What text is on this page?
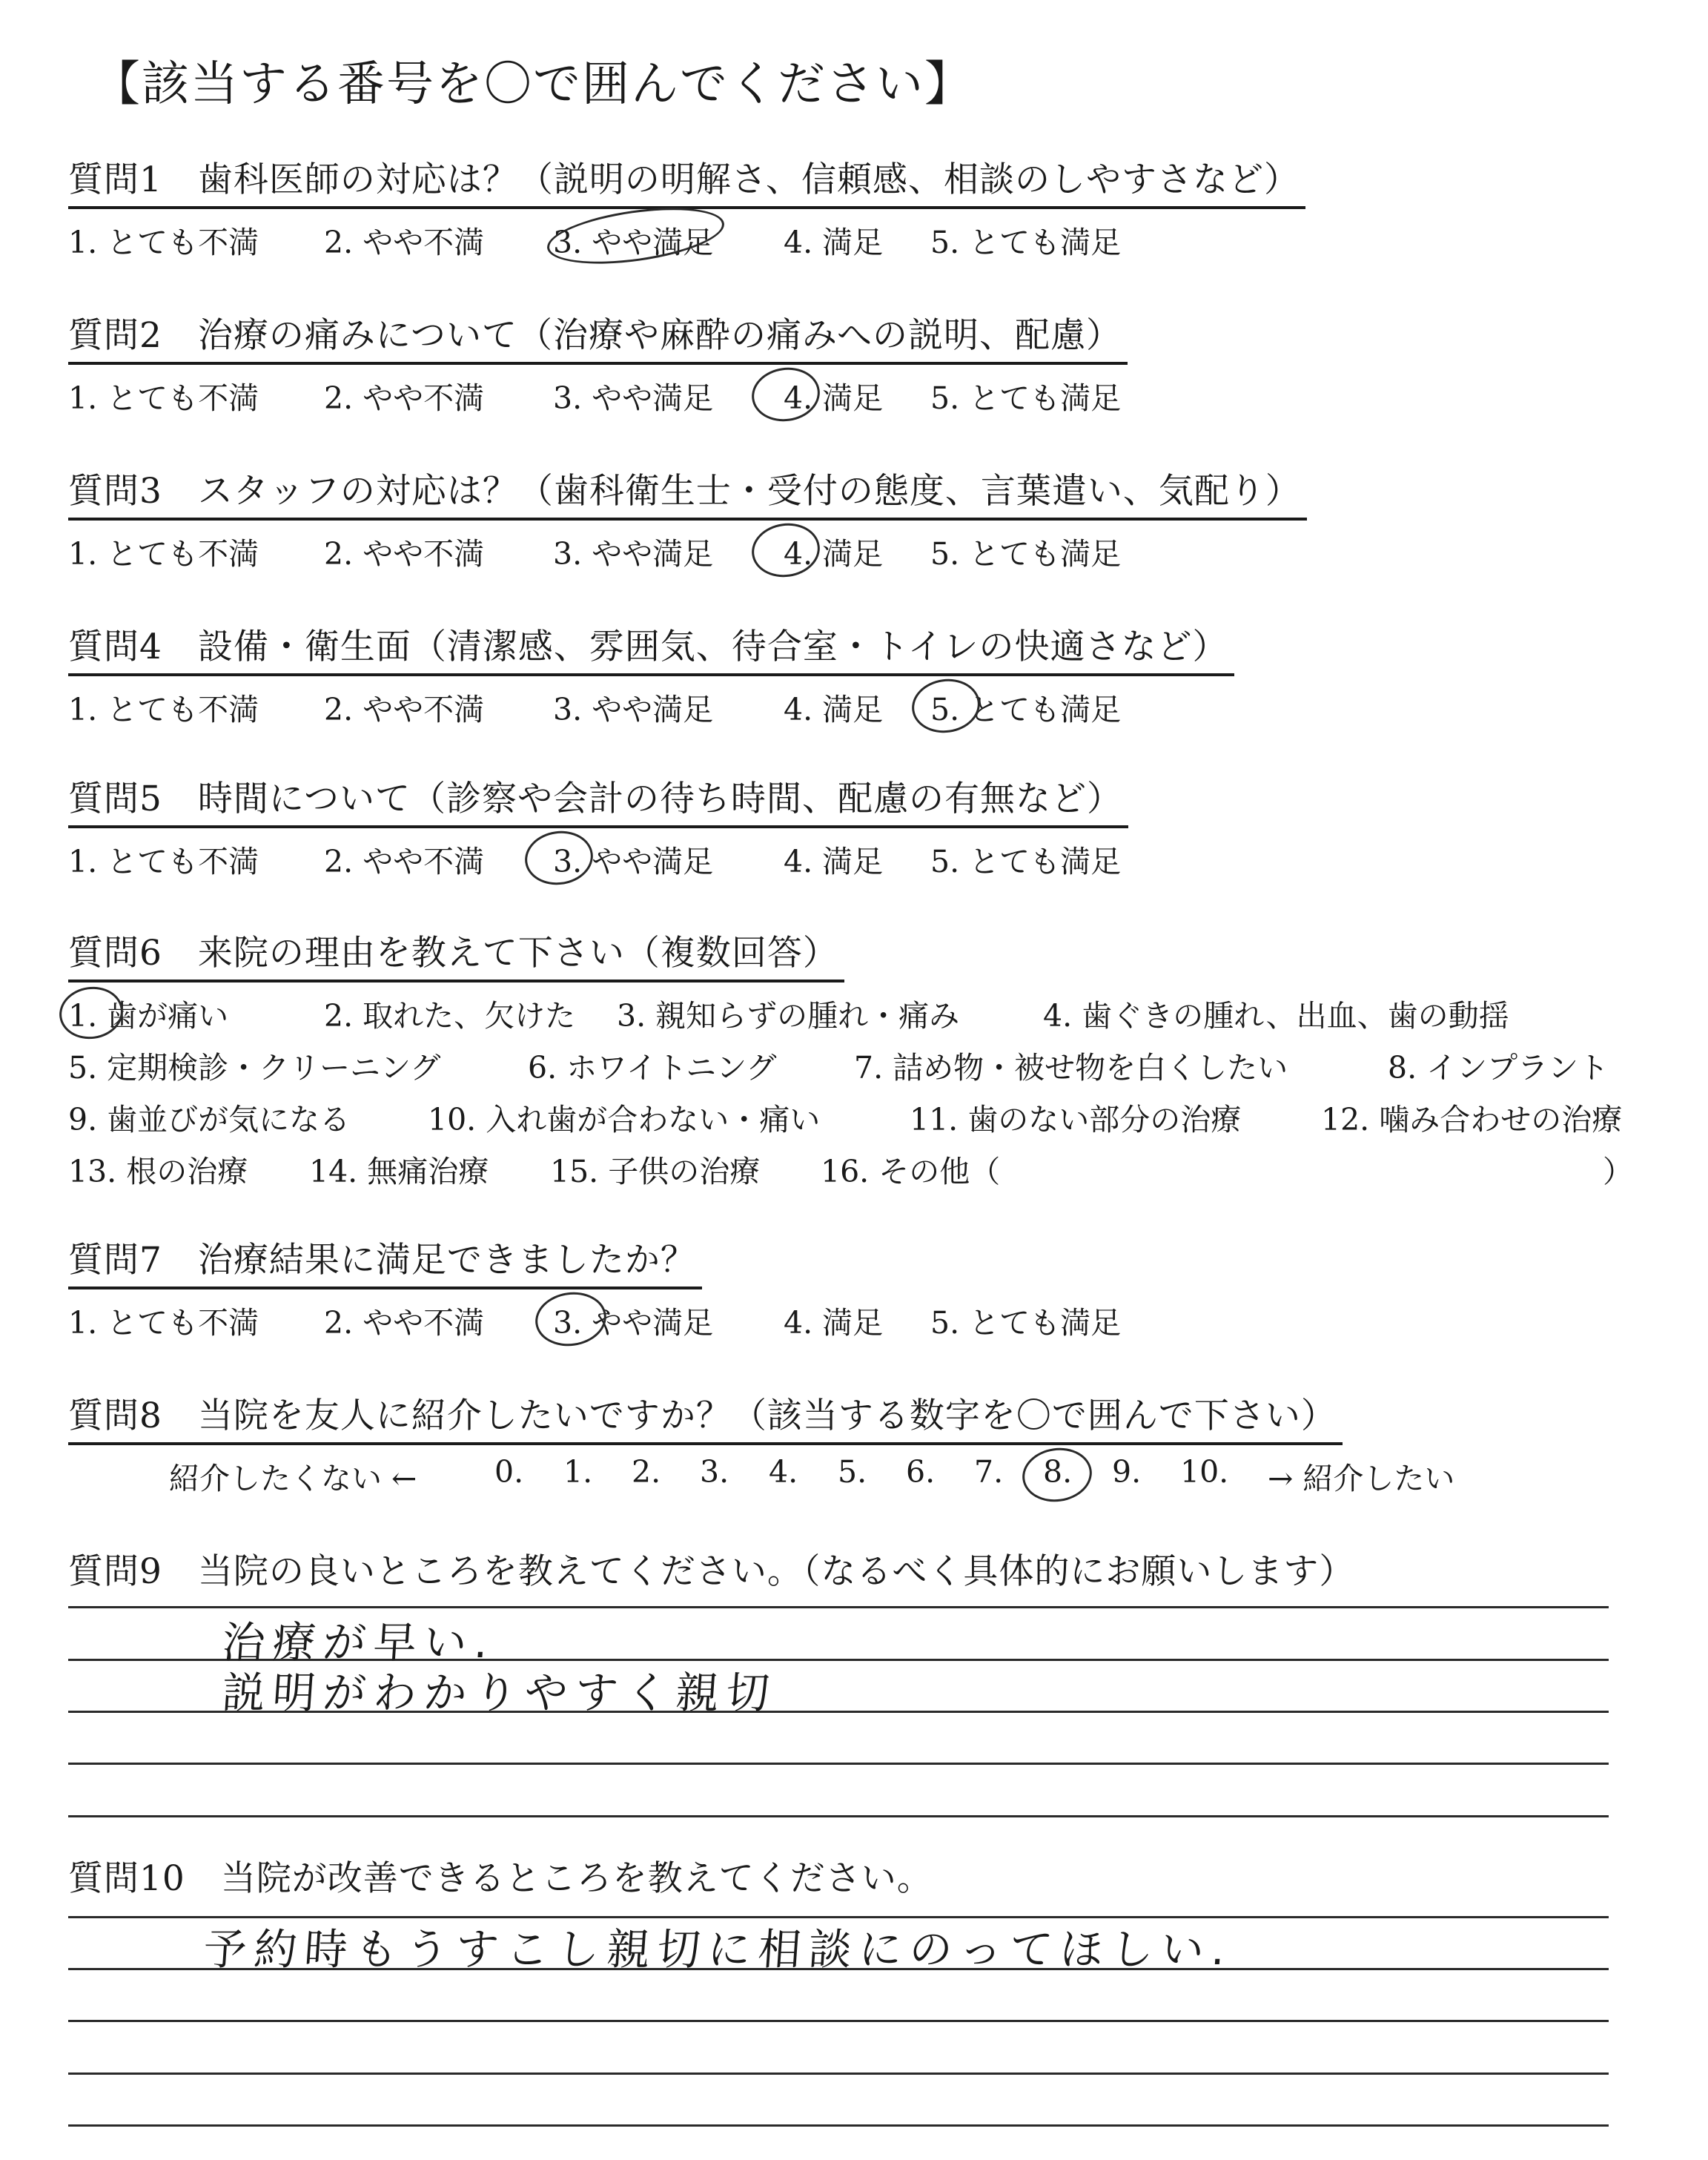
【該当する番号を〇で囲んでください】
質問1 歯科医師の対応は？（説明の明解さ、信頼感、相談のしやすさなど）
1. とても不満 2. やや不満 3. やや満足 4. 満足 5. とても満足
質問2 治療の痛みについて（治療や麻酔の痛みへの説明、配慮）
1. とても不満 2. やや不満 3. やや満足 4. 満足 5. とても満足
質問3 スタッフの対応は？（歯科衛生士・受付の態度、言葉遣い、気配り）
1. とても不満 2. やや不満 3. やや満足 4. 満足 5. とても満足
質問4 設備・衛生面（清潔感、雰囲気、待合室・トイレの快適さなど）
1. とても不満 2. やや不満 3. やや満足 4. 満足 5. とても満足
質問5 時間について（診察や会計の待ち時間、配慮の有無など）
1. とても不満 2. やや不満 3. やや満足 4. 満足 5. とても満足
質問6 来院の理由を教えて下さい（複数回答）
1. 歯が痛い	2. 取れた、欠けた 3. 親知らずの腫れ・痛み	4. 歯ぐきの腫れ、出血、歯の動揺
5. 定期検診・クリーニング	6. ホワイトニング	7. 詰め物・被せ物を白くしたい	8. インプラント
9. 歯並びが気になる	10. 入れ歯が合わない・痛い	11. 歯のない部分の治療	12. 噛み合わせの治療
13. 根の治療 14. 無痛治療 15. 子供の治療 16. その他（	）
質問7 治療結果に満足できましたか？
1. とても不満 2. やや不満 3. やや満足 4. 満足 5. とても満足
質問8 当院を友人に紹介したいですか？（該当する数字を〇で囲んで下さい）
紹介したくない ←	0. 1. 2. 3. 4. 5. 6. 7. 8. 9. 10. → 紹介したい
質問9 当院の良いところを教えてください。（なるべく具体的にお願いします）
治療が早い.
説明がわかりやすく親切
質問10 当院が改善できるところを教えてください。
予約時もうすこし親切に相談にのってほしい.
